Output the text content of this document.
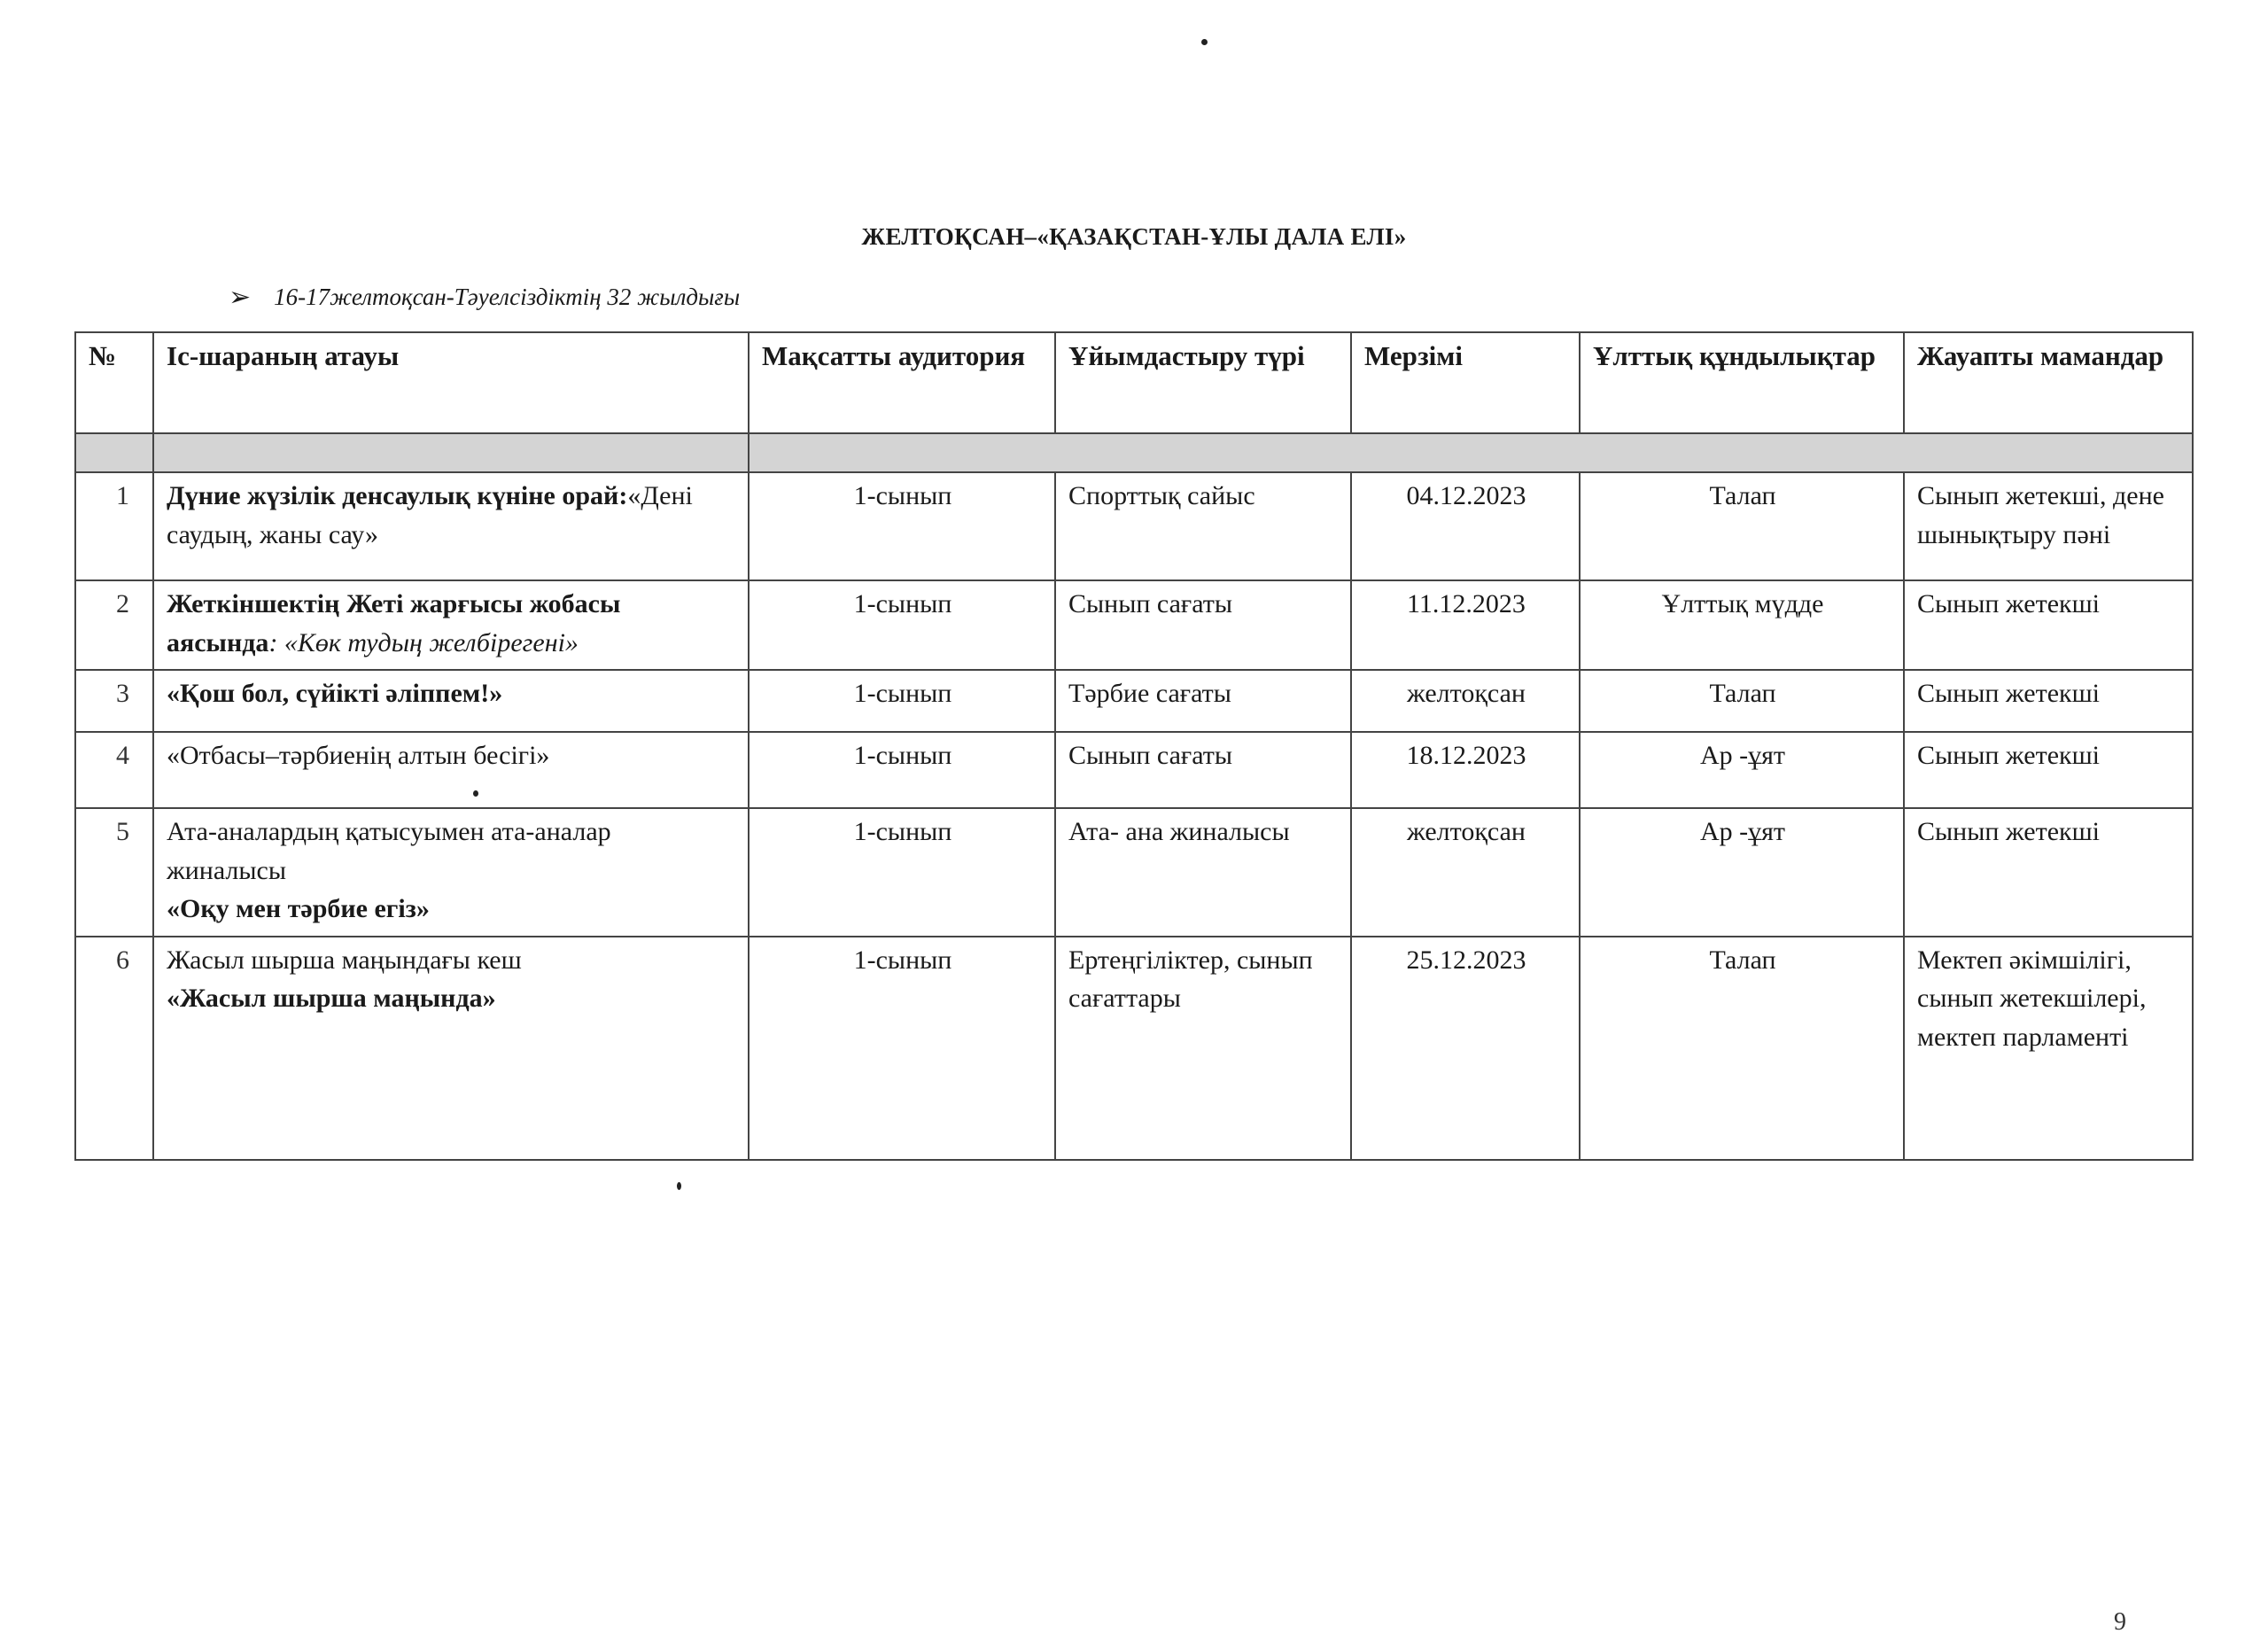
ЖЕЛТОҚСАН–«ҚАЗАҚСТАН-ҰЛЫ ДАЛА ЕЛІ»
➢ 16-17желтоқсан-Тәуелсіздіктің 32 жылдығы
№	Іс-шараның атауы	Мақсатты аудитория	Ұйымдастыру түрі	Мерзімі	Ұлттық құндылықтар	Жауапты мамандар

1	Дүние жүзілік денсаулық күніне орай:«Дені саудың, жаны сау»	1-сынып	Спорттық сайыс	04.12.2023	Талап	Сынып жетекші, дене шынықтыру пәні
2	Жеткіншектің Жеті жарғысы жобасы аясында: «Көк тудың желбірегені»	1-сынып	Сынып сағаты	11.12.2023	Ұлттық мүдде	Сынып жетекші
3	«Қош бол, сүйікті әліппем!»	1-сынып	Тәрбие сағаты	желтоқсан	Талап	Сынып жетекші
4	«Отбасы–тәрбиенің алтын бесігі»	1-сынып	Сынып сағаты	18.12.2023	Ар -ұят	Сынып жетекші
5	Ата-аналардың қатысуымен ата-аналар жиналысы
«Оқу мен тәрбие егіз»	1-сынып	Ата- ана жиналысы	желтоқсан	Ар -ұят	Сынып жетекші
6	Жасыл шырша маңындағы кеш
«Жасыл шырша маңында»	1-сынып	Ертеңгіліктер, сынып сағаттары	25.12.2023	Талап	Мектеп әкімшілігі, сынып жетекшілері, мектеп парламенті
9
